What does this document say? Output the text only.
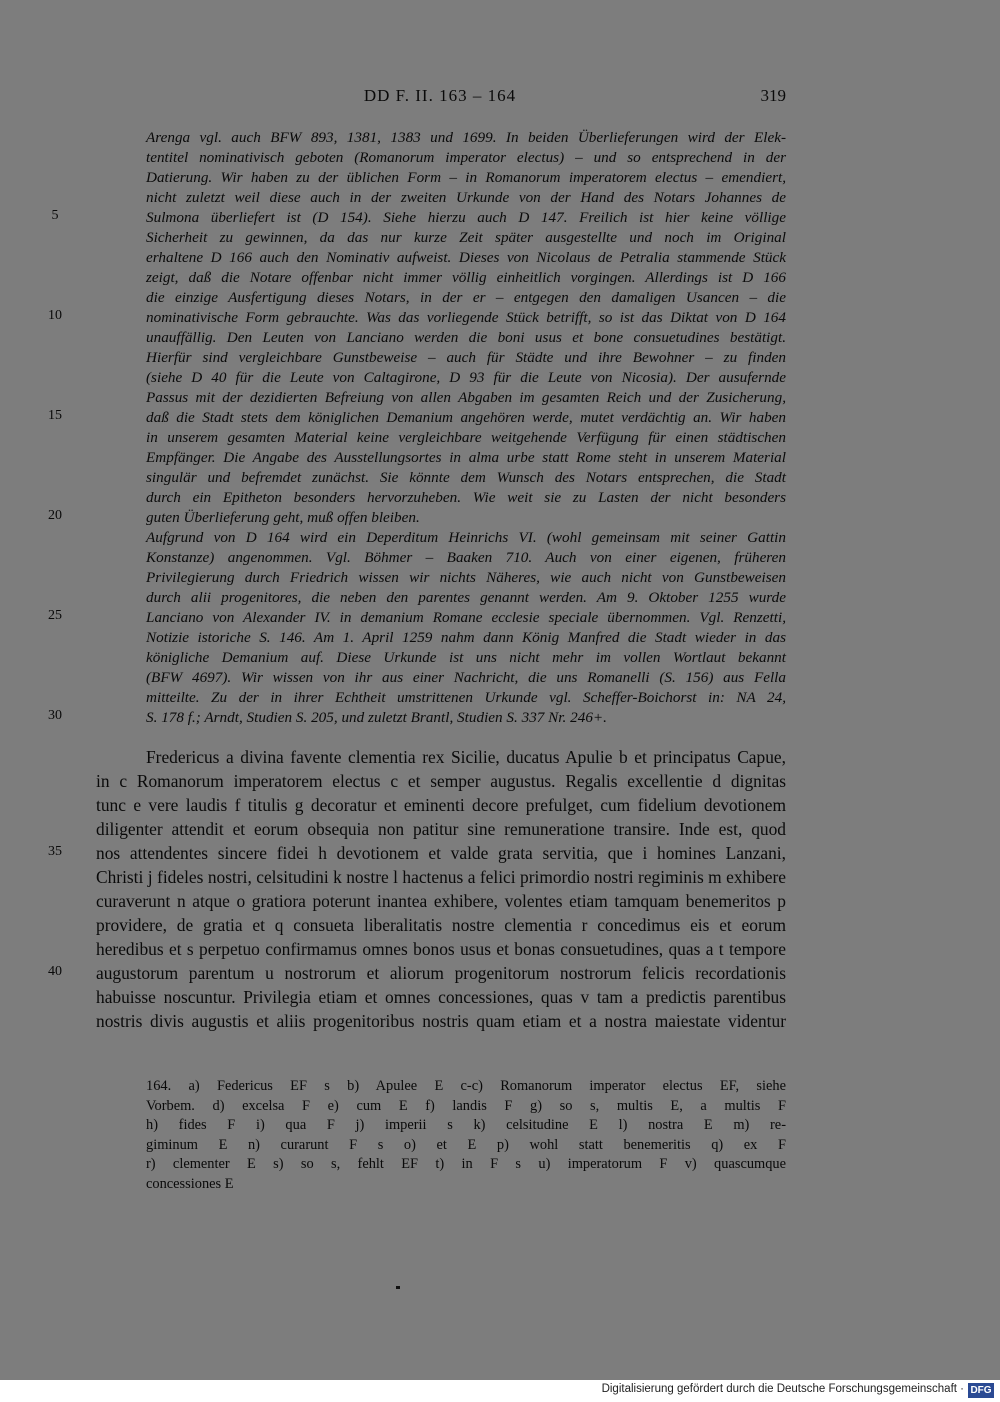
DD F. II. 163 – 164	319
5
10
15
20
25
30
35
40
Arenga vgl. auch BFW 893, 1381, 1383 und 1699. In beiden Überlieferungen wird der Elek-
tentitel nominativisch geboten (Romanorum imperator electus) – und so entsprechend in der
Datierung. Wir haben zu der üblichen Form – in Romanorum imperatorem electus – emendiert,
nicht zuletzt weil diese auch in der zweiten Urkunde von der Hand des Notars Johannes de
Sulmona überliefert ist (D 154). Siehe hierzu auch D 147. Freilich ist hier keine völlige
Sicherheit zu gewinnen, da das nur kurze Zeit später ausgestellte und noch im Original
erhaltene D 166 auch den Nominativ aufweist. Dieses von Nicolaus de Petralia stammende Stück
zeigt, daß die Notare offenbar nicht immer völlig einheitlich vorgingen. Allerdings ist D 166
die einzige Ausfertigung dieses Notars, in der er – entgegen den damaligen Usancen – die
nominativische Form gebrauchte. Was das vorliegende Stück betrifft, so ist das Diktat von D 164
unauffällig. Den Leuten von Lanciano werden die boni usus et bone consuetudines bestätigt.
Hierfür sind vergleichbare Gunstbeweise – auch für Städte und ihre Bewohner – zu finden
(siehe D 40 für die Leute von Caltagirone, D 93 für die Leute von Nicosia). Der ausufernde
Passus mit der dezidierten Befreiung von allen Abgaben im gesamten Reich und der Zusicherung,
daß die Stadt stets dem königlichen Demanium angehören werde, mutet verdächtig an. Wir haben
in unserem gesamten Material keine vergleichbare weitgehende Verfügung für einen städtischen
Empfänger. Die Angabe des Ausstellungsortes in alma urbe statt Rome steht in unserem Material
singulär und befremdet zunächst. Sie könnte dem Wunsch des Notars entsprechen, die Stadt
durch ein Epitheton besonders hervorzuheben. Wie weit sie zu Lasten der nicht besonders
guten Überlieferung geht, muß offen bleiben.
Aufgrund von D 164 wird ein Deperditum Heinrichs VI. (wohl gemeinsam mit seiner Gattin
Konstanze) angenommen. Vgl. Böhmer – Baaken 710. Auch von einer eigenen, früheren
Privilegierung durch Friedrich wissen wir nichts Näheres, wie auch nicht von Gunstbeweisen
durch alii progenitores, die neben den parentes genannt werden. Am 9. Oktober 1255 wurde
Lanciano von Alexander IV. in demanium Romane ecclesie speciale übernommen. Vgl. Renzetti,
Notizie istoriche S. 146. Am 1. April 1259 nahm dann König Manfred die Stadt wieder in das
königliche Demanium auf. Diese Urkunde ist uns nicht mehr im vollen Wortlaut bekannt
(BFW 4697). Wir wissen von ihr aus einer Nachricht, die uns Romanelli (S. 156) aus Fella
mitteilte. Zu der in ihrer Echtheit umstrittenen Urkunde vgl. Scheffer-Boichorst in: NA 24,
S. 178 f.; Arndt, Studien S. 205, und zuletzt Brantl, Studien S. 337 Nr. 246+.
Fredericus a divina favente clementia rex Sicilie, ducatus Apulie b et principatus Capue,
in c Romanorum imperatorem electus c et semper augustus. Regalis excellentie d dignitas
tunc e vere laudis f titulis g decoratur et eminenti decore prefulget, cum fidelium devotionem
diligenter attendit et eorum obsequia non patitur sine remuneratione transire. Inde est, quod
nos attendentes sincere fidei h devotionem et valde grata servitia, que i homines Lanzani,
Christi j fideles nostri, celsitudini k nostre l hactenus a felici primordio nostri regiminis m exhibere
curaverunt n atque o gratiora poterunt inantea exhibere, volentes etiam tamquam benemeritos p
providere, de gratia et q consueta liberalitatis nostre clementia r concedimus eis et eorum
heredibus et s perpetuo confirmamus omnes bonos usus et bonas consuetudines, quas a t tempore
augustorum parentum u nostrorum et aliorum progenitorum nostrorum felicis recordationis
habuisse noscuntur. Privilegia etiam et omnes concessiones, quas v tam a predictis parentibus
nostris divis augustis et aliis progenitoribus nostris quam etiam et a nostra maiestate videntur
164. a) Federicus EF s b) Apulee E c-c) Romanorum imperator electus EF, siehe
Vorbem. d) excelsa F e) cum E f) landis F g) so s, multis E, a multis F
h) fides F i) qua F j) imperii s k) celsitudine E l) nostra E m) re-
giminum E n) curarunt F s o) et E p) wohl statt benemeritis q) ex F
r) clementer E s) so s, fehlt EF t) in F s u) imperatorum F v) quascumque
concessiones E
Digitalisierung gefördert durch die Deutsche Forschungsgemeinschaft · DFG
